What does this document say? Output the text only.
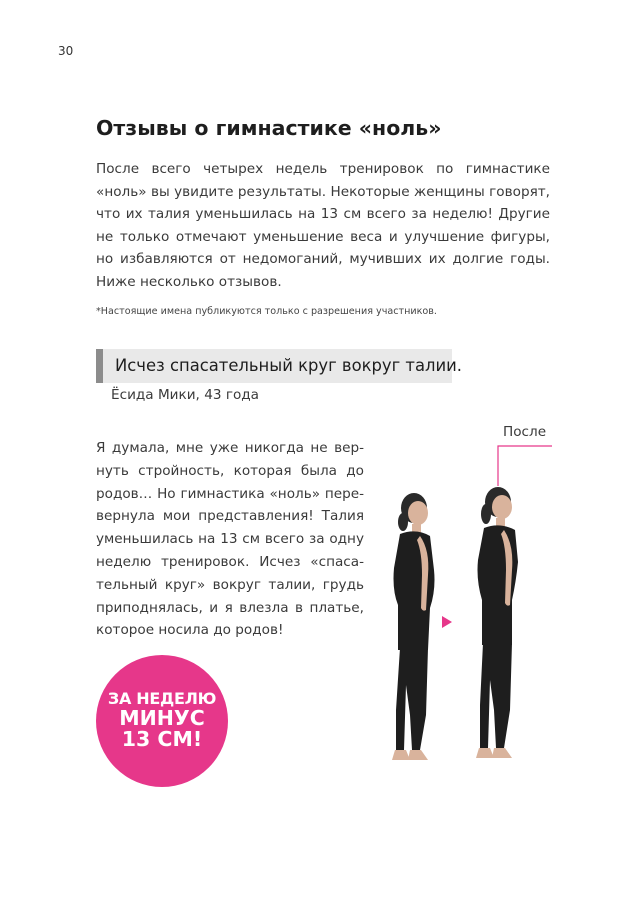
30
Отзывы о гимнастике «ноль»
После всего четырех недель тренировок по гимнастике
«ноль» вы увидите результаты. Некоторые женщины говорят,
что их талия уменьшилась на 13 см всего за неделю! Другие
не только отмечают уменьшение веса и улучшение фигуры,
но избавляются от недомоганий, мучивших их долгие годы.
Ниже несколько отзывов.
*Настоящие имена публикуются только с разрешения участников.
Исчез спасательный круг вокруг талии.
Ёсида Мики, 43 года
Я думала, мне уже никогда не вер-
нуть стройность, которая была до
родов… Но гимнастика «ноль» пере-
вернула мои представления! Талия
уменьшилась на 13 см всего за одну
неделю тренировок. Исчез «спаса-
тельный круг» вокруг талии, грудь
приподнялась, и я влезла в платье,
которое носила до родов!
ЗА НЕДЕЛЮ
МИНУС
13 СМ!
После
